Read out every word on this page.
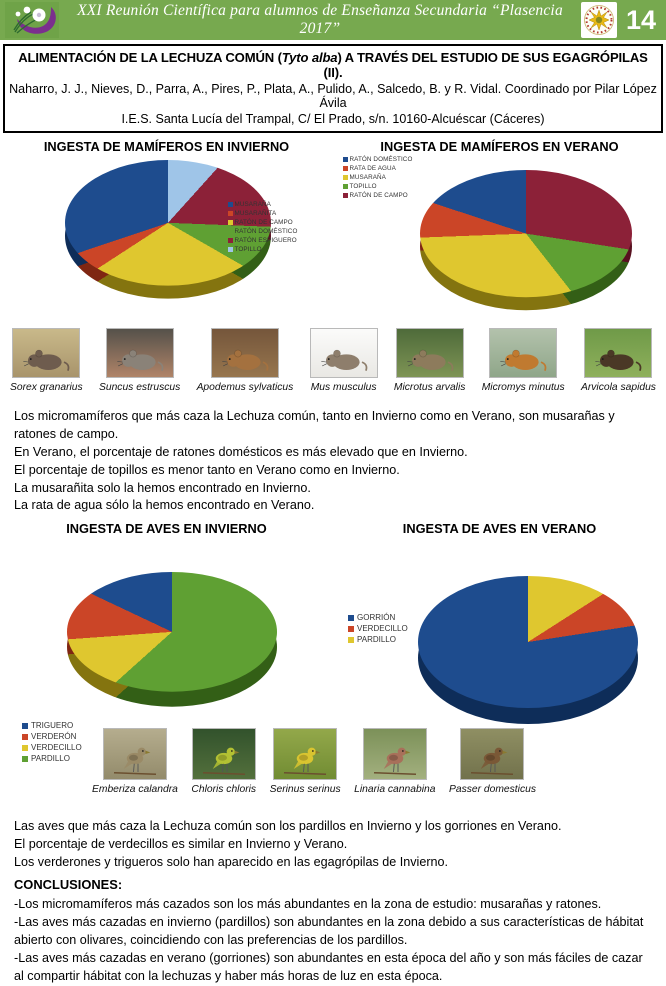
XXI Reunión Científica para alumnos de Enseñanza Secundaria “Plasencia 2017”	14
ALIMENTACIÓN DE LA LECHUZA COMÚN (Tyto alba) A TRAVÉS DEL ESTUDIO DE SUS EGAGRÓPILAS (II).
Naharro, J. J., Nieves, D., Parra, A., Pires, P., Plata, A., Pulido, A., Salcedo, B. y R. Vidal. Coordinado por Pilar López Ávila
I.E.S. Santa Lucía del Trampal, C/ El Prado, s/n. 10160-Alcuéscar (Cáceres)
INGESTA DE MAMÍFEROS EN INVIERNO
MUSARAÑA
MUSARAÑITA
RATÓN DE CAMPO
RATÓN DOMÉSTICO
RATÓN ESPIGUERO
TOPILLO
INGESTA DE MAMÍFEROS EN VERANO
RATÓN DOMÉSTICO
RATA DE AGUA
MUSARAÑA
TOPILLO
RATÓN DE CAMPO
Sorex granarius Suncus estruscus Apodemus sylvaticus Mus musculus Microtus arvalis Micromys minutus Arvicola sapidus

Los micromamíferos que más caza la Lechuza común, tanto en Invierno como en Verano, son musarañas y ratones de campo.

En Verano, el porcentaje de ratones domésticos es más elevado que en Invierno.

El porcentaje de topillos es menor tanto en Verano como en Invierno.

La musarañita solo la hemos encontrado en Invierno.

La rata de agua sólo la hemos encontrado en Verano.

INGESTA DE AVES EN INVIERNO
TRIGUERO
VERDERÓN
VERDECILLO
PARDILLO
INGESTA DE AVES EN VERANO
GORRIÓN
VERDECILLO
PARDILLO
Emberiza calandra Chloris chloris Serinus serinus Linaria cannabina Passer domesticus

Las aves que más caza la Lechuza común son los pardillos en Invierno y los gorriones en Verano.

El porcentaje de verdecillos es similar en Invierno y Verano.

Los verderones y trigueros solo han aparecido en las egagrópilas de Invierno.

CONCLUSIONES:

-Los micromamíferos más cazados son los más abundantes en la zona de estudio: musarañas y ratones.

-Las aves más cazadas en invierno (pardillos) son abundantes en la zona debido a sus características de hábitat abierto con olivares, coincidiendo con las preferencias de los pardillos.

-Las aves más cazadas en verano (gorriones) son abundantes en esta época del año y son más fáciles de cazar al compartir hábitat con la lechuzas y haber más horas de luz en esta época.
